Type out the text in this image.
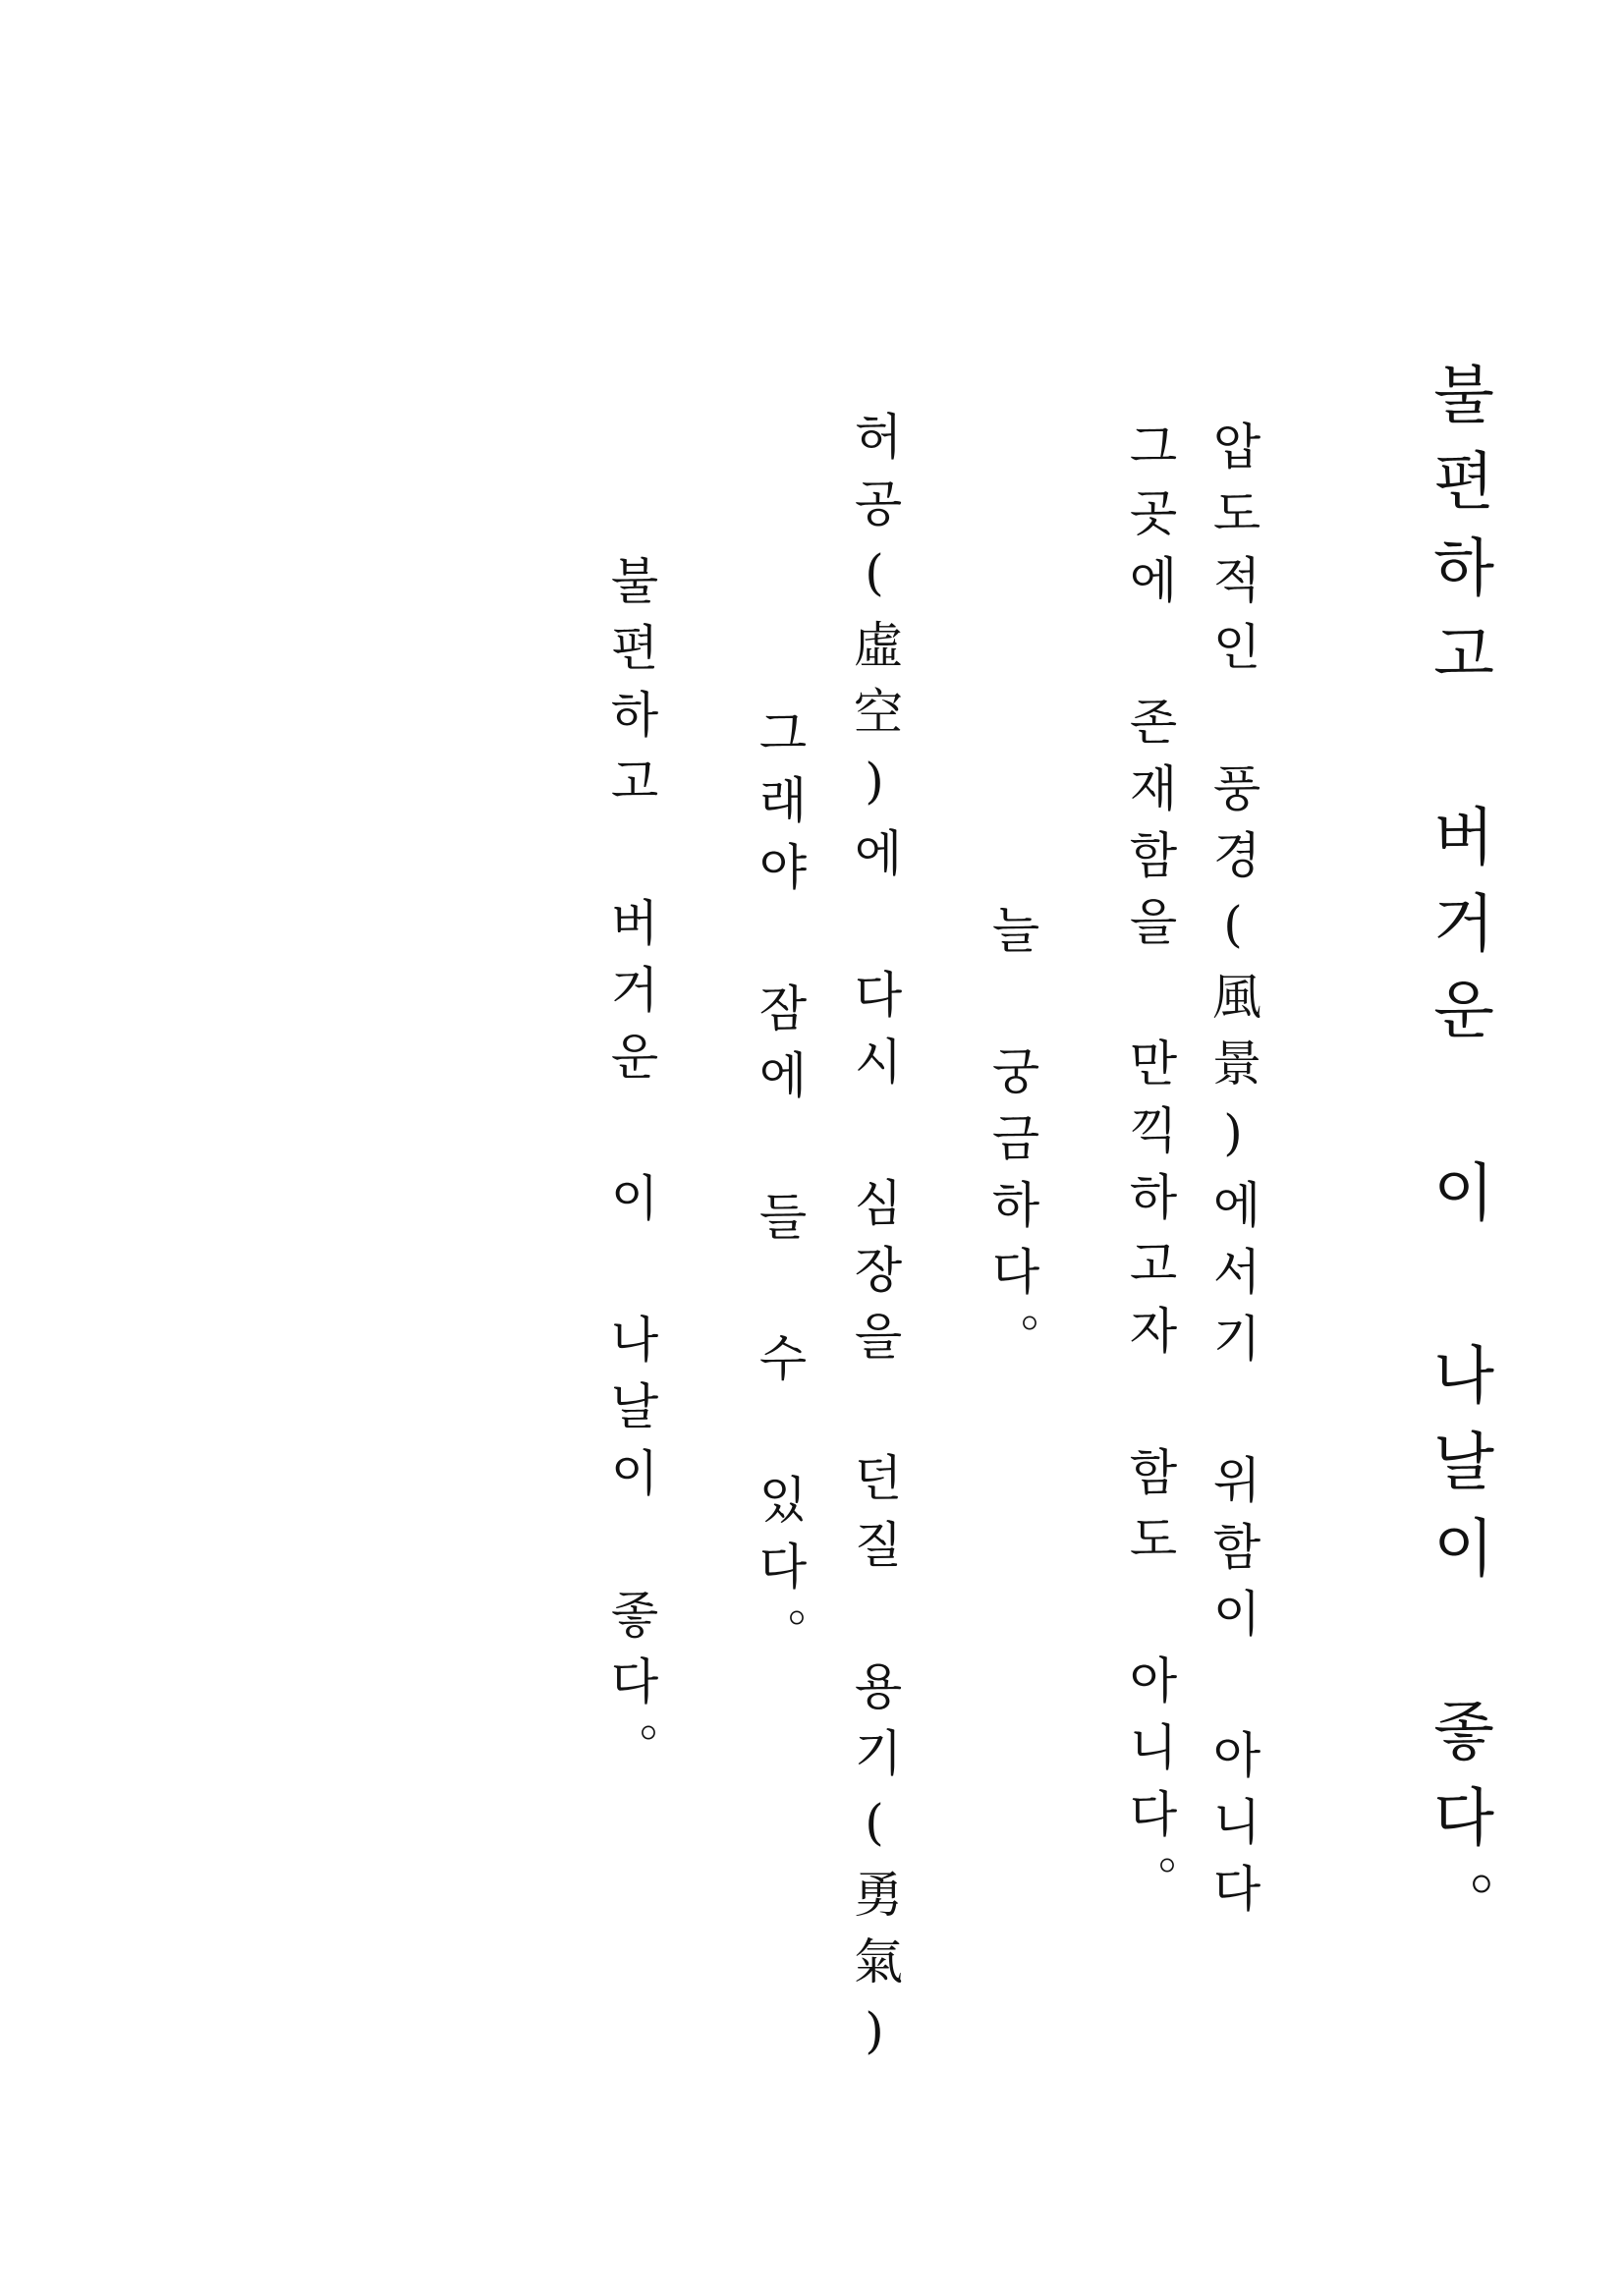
불편하고 버거운 이 나날이 좋다。

압도적인 풍경(風景)에서기 위함이 아니다

그곳에 존재함을 만끽하고자 함도 아니다。

늘 궁금하다。

허공(虛空)에 다시 심장을 던질 용기(勇氣)

그래야 잠에 들 수 있다。

불편하고 버거운 이 나날이 좋다。
